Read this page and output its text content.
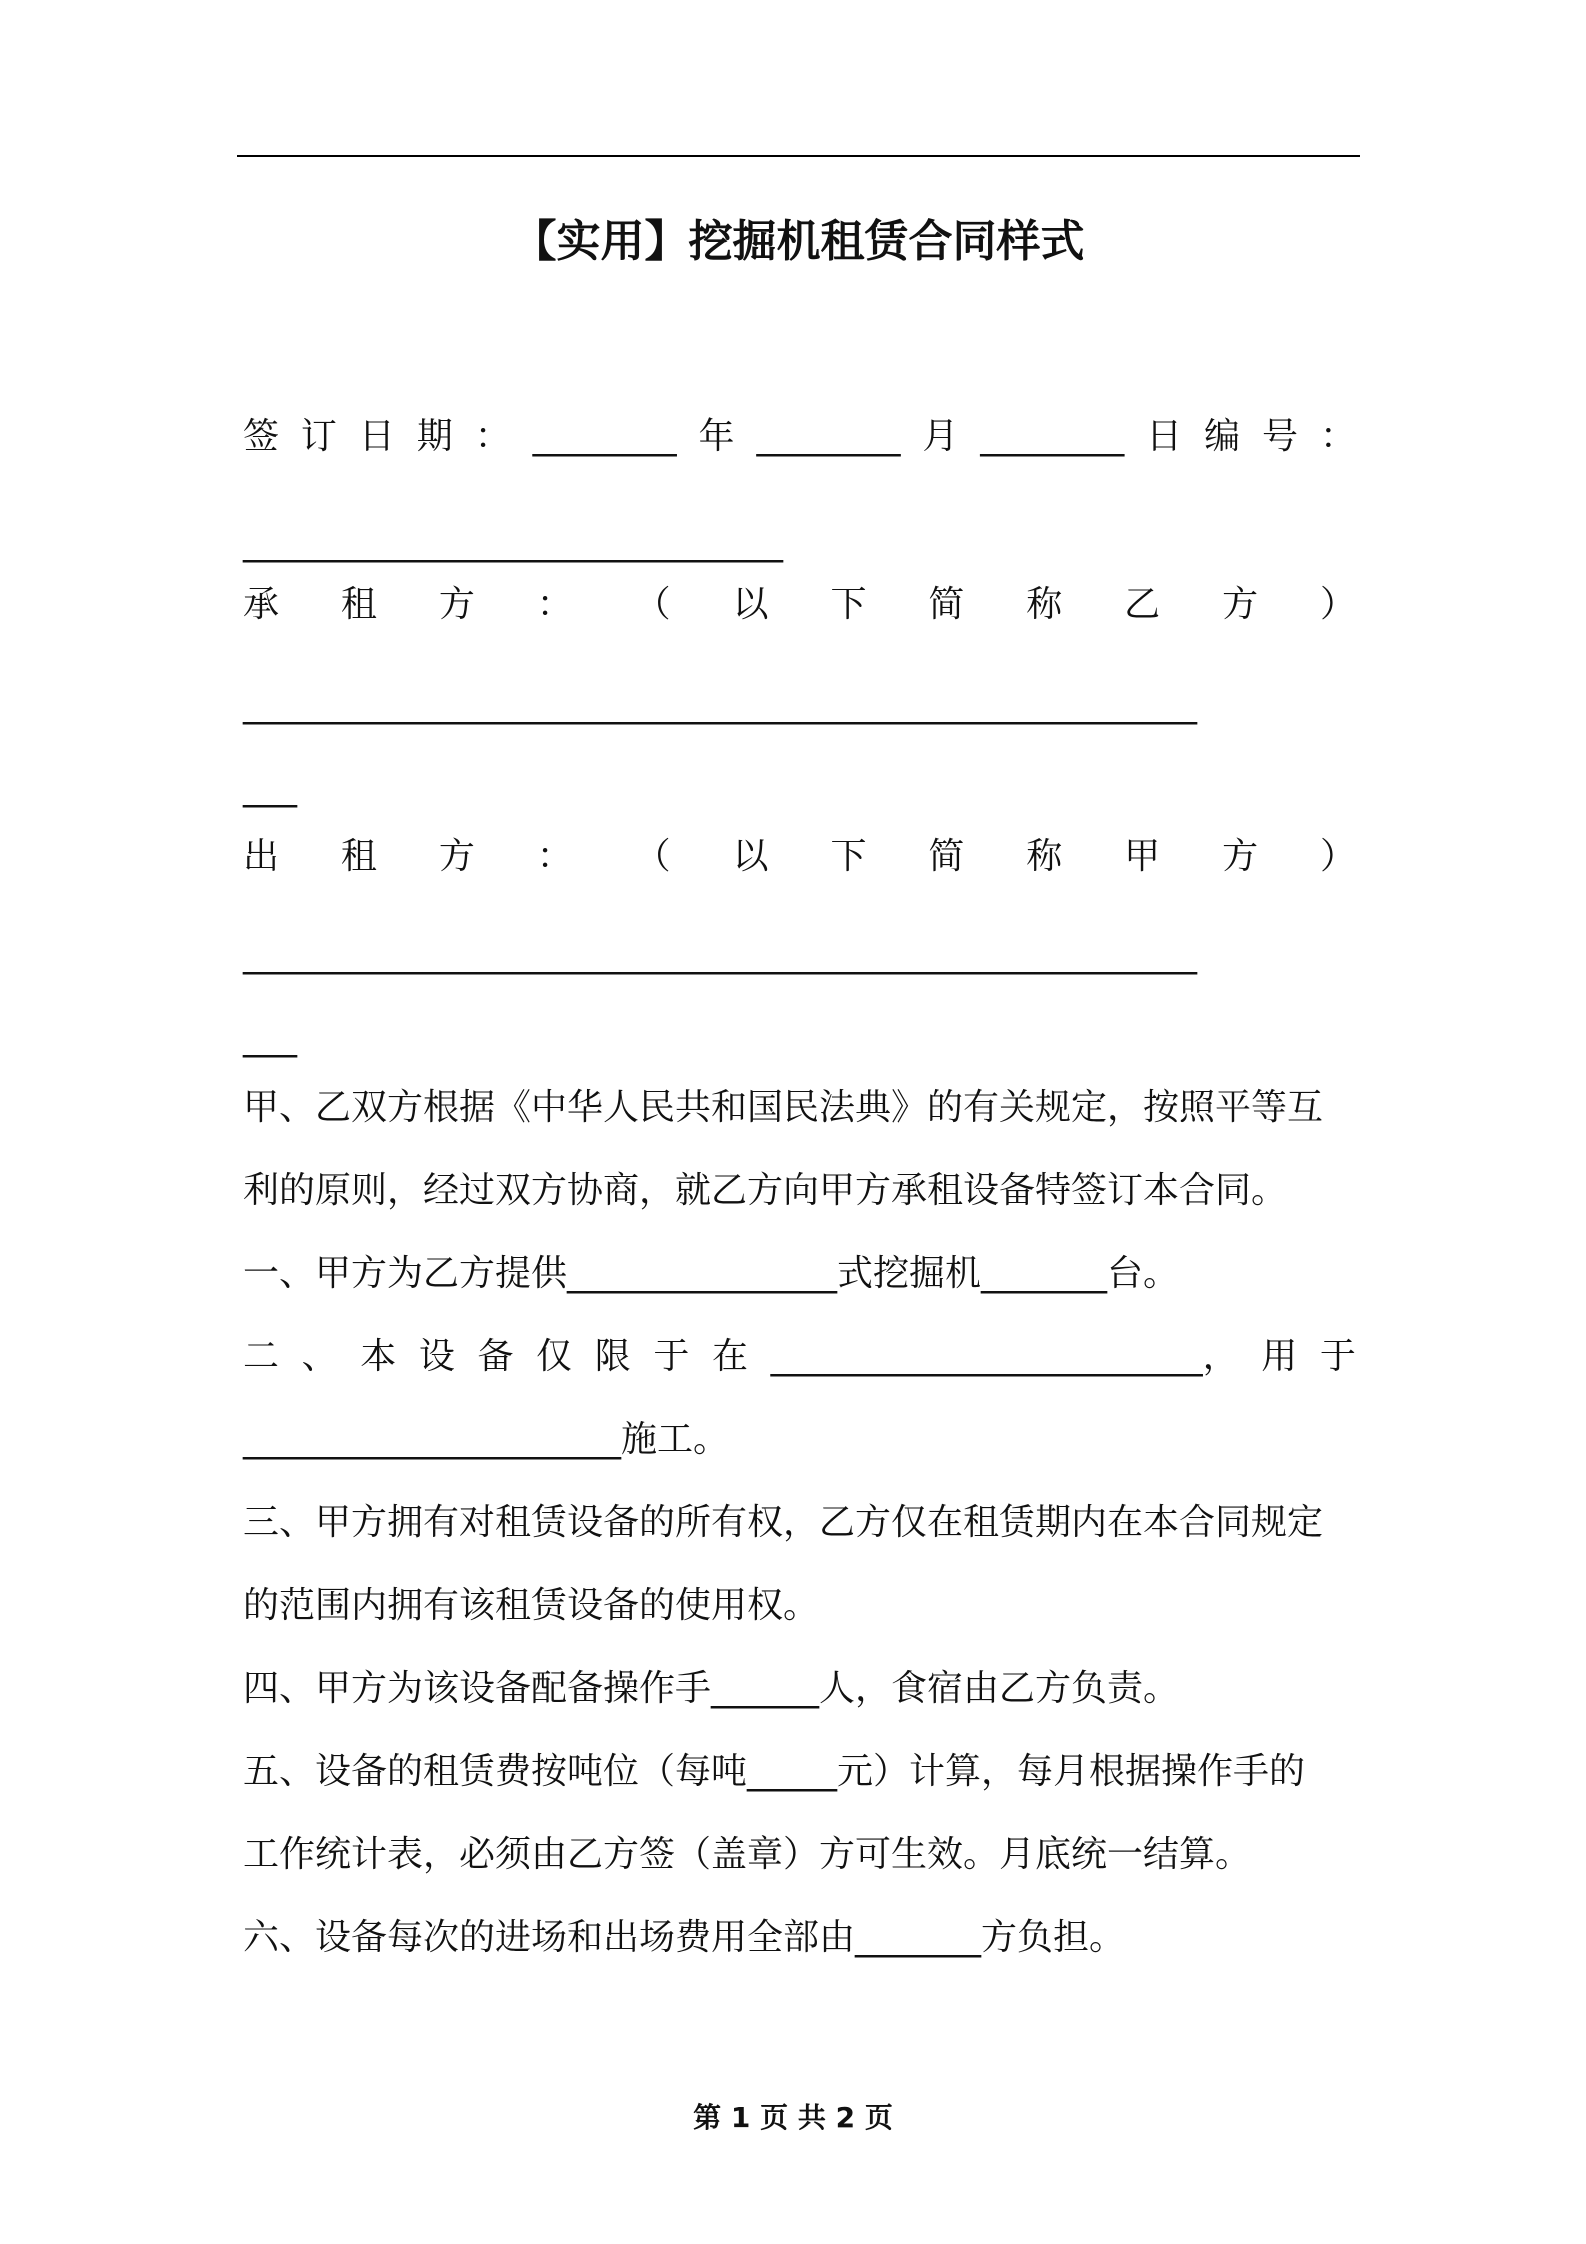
【实用】挖掘机租赁合同样式
签 订 日 期 ： ________ 年 ________ 月 ________ 日 编 号 ：
______________________________
承 租 方 ： （ 以 下 简 称 乙 方 ）
_____________________________________________________
___
出 租 方 ： （ 以 下 简 称 甲 方 ）
_____________________________________________________
___
甲、乙双方根据《中华人民共和国民法典》的有关规定，按照平等互
利的原则，经过双方协商，就乙方向甲方承租设备特签订本合同。
一、甲方为乙方提供_______________式挖掘机_______台。
二 、 本 设 备 仅 限 于 在 ________________________， 用 于
_____________________施工。
三、甲方拥有对租赁设备的所有权，乙方仅在租赁期内在本合同规定
的范围内拥有该租赁设备的使用权。
四、甲方为该设备配备操作手______人，食宿由乙方负责。
五、设备的租赁费按吨位（每吨_____元）计算，每月根据操作手的
工作统计表，必须由乙方签（盖章）方可生效。月底统一结算。
六、设备每次的进场和出场费用全部由_______方负担。
第 1 页 共 2 页
